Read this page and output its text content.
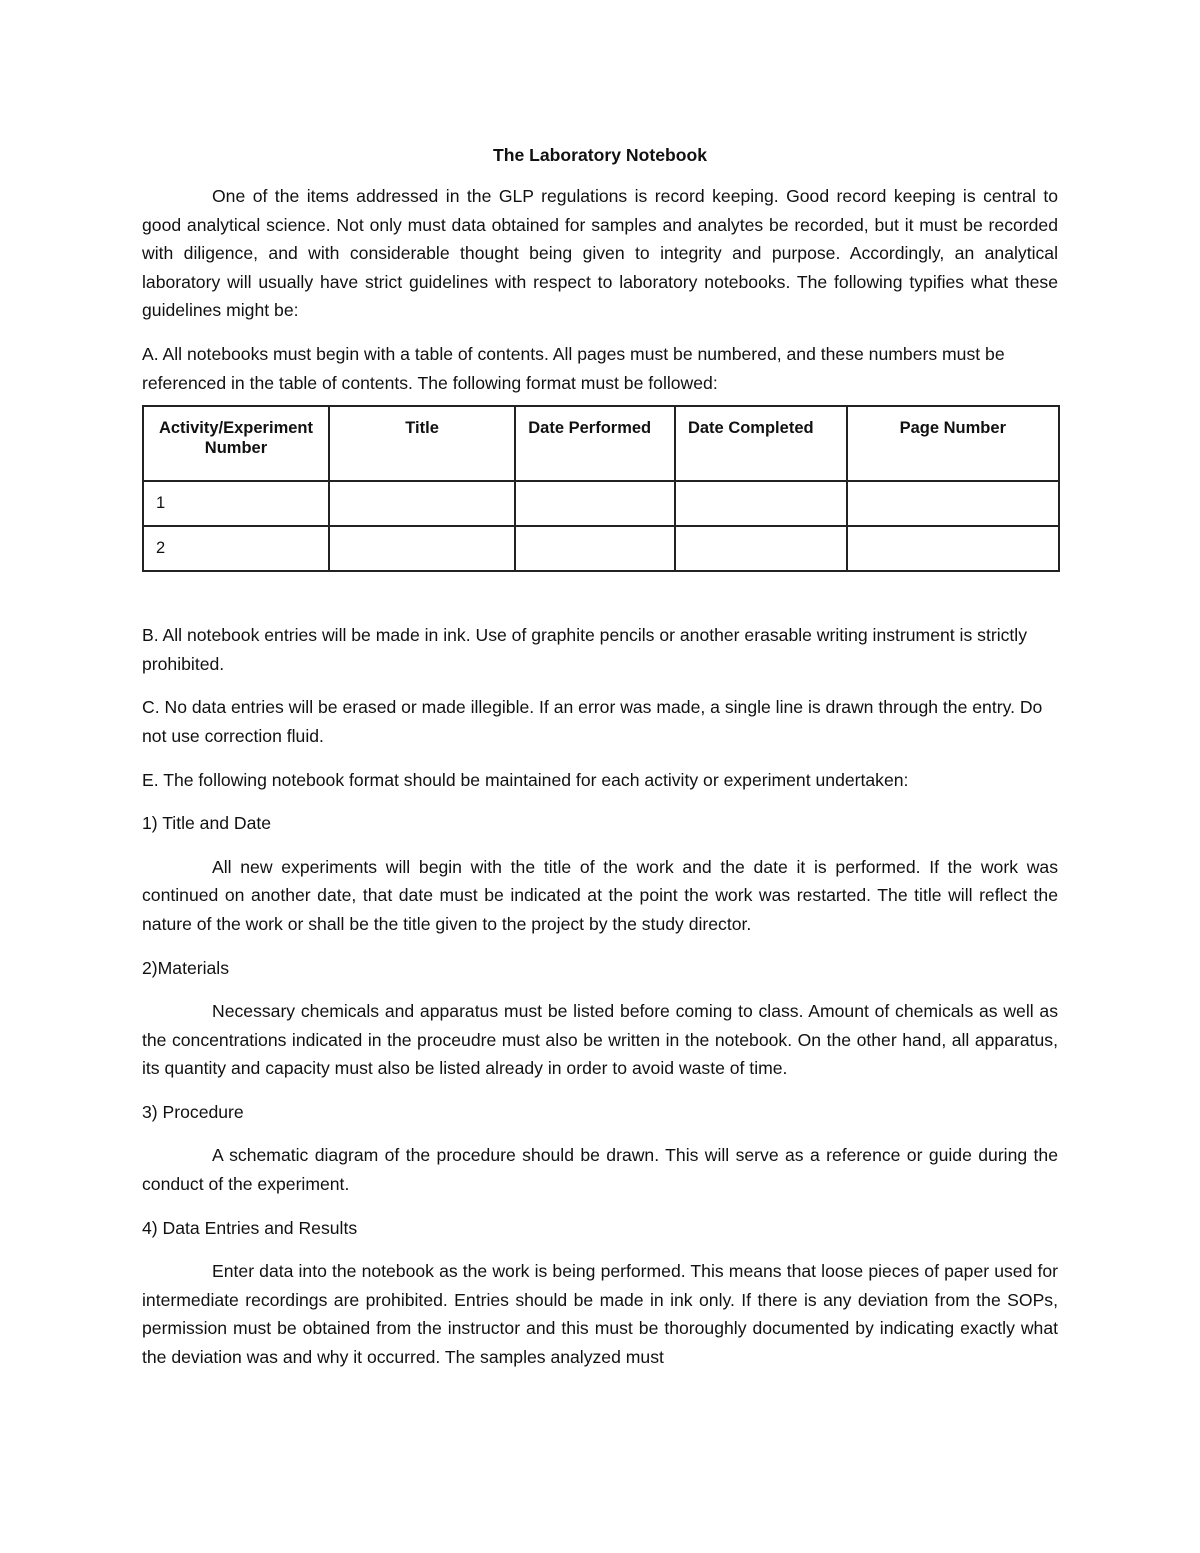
The Laboratory Notebook

One of the items addressed in the GLP regulations is record keeping. Good record keeping is central to good analytical science. Not only must data obtained for samples and analytes be recorded, but it must be recorded with diligence, and with considerable thought being given to integrity and purpose. Accordingly, an analytical laboratory will usually have strict guidelines with respect to laboratory notebooks. The following typifies what these guidelines might be:

A. All notebooks must begin with a table of contents. All pages must be numbered, and these numbers must be referenced in the table of contents. The following format must be followed:

Activity/Experiment Number	Title	Date Performed	Date Completed	Page Number
1				
2				

B. All notebook entries will be made in ink. Use of graphite pencils or another erasable writing instrument is strictly prohibited.

C. No data entries will be erased or made illegible. If an error was made, a single line is drawn through the entry. Do not use correction fluid.

E. The following notebook format should be maintained for each activity or experiment undertaken:

1) Title and Date

All new experiments will begin with the title of the work and the date it is performed. If the work was continued on another date, that date must be indicated at the point the work was restarted. The title will reflect the nature of the work or shall be the title given to the project by the study director.

2)Materials

Necessary chemicals and apparatus must be listed before coming to class. Amount of chemicals as well as the concentrations indicated in the proceudre must also be written in the notebook. On the other hand, all apparatus, its quantity and capacity must also be listed already in order to avoid waste of time.

3) Procedure

A schematic diagram of the procedure should be drawn. This will serve as a reference or guide during the conduct of the experiment.

4) Data Entries and Results

Enter data into the notebook as the work is being performed. This means that loose pieces of paper used for intermediate recordings are prohibited. Entries should be made in ink only. If there is any deviation from the SOPs, permission must be obtained from the instructor and this must be thoroughly documented by indicating exactly what the deviation was and why it occurred. The samples analyzed must
